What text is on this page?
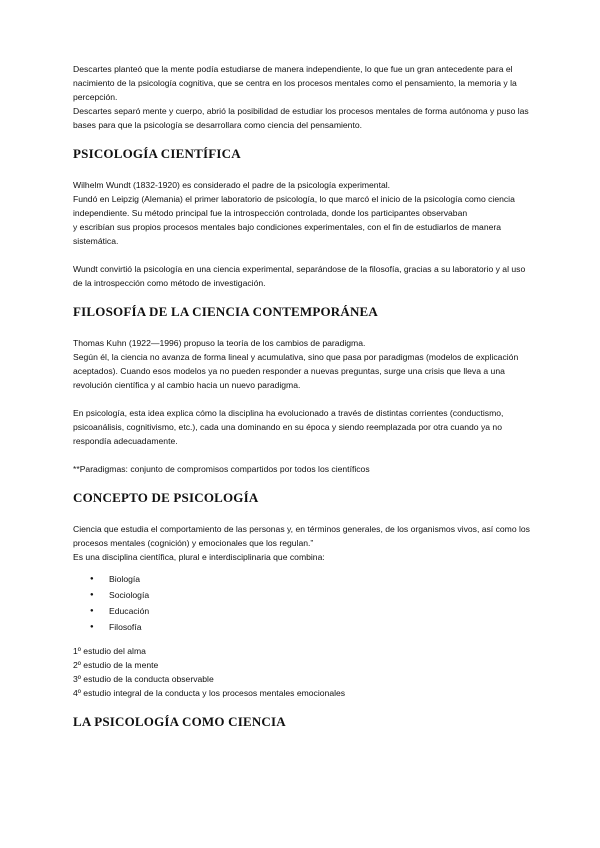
Descartes planteó que la mente podía estudiarse de manera independiente, lo que fue un gran antecedente para el nacimiento de la psicología cognitiva, que se centra en los procesos mentales como el pensamiento, la memoria y la percepción.

Descartes separó mente y cuerpo, abrió la posibilidad de estudiar los procesos mentales de forma autónoma y puso las bases para que la psicología se desarrollara como ciencia del pensamiento.

PSICOLOGÍA CIENTÍFICA

Wilhelm Wundt (1832-1920) es considerado el padre de la psicología experimental.

Fundó en Leipzig (Alemania) el primer laboratorio de psicología, lo que marcó el inicio de la psicología como ciencia independiente. Su método principal fue la introspección controlada, donde los participantes observaban

y escribían sus propios procesos mentales bajo condiciones experimentales, con el fin de estudiarlos de manera sistemática.

Wundt convirtió la psicología en una ciencia experimental, separándose de la filosofía, gracias a su laboratorio y al uso de la introspección como método de investigación.

FILOSOFÍA DE LA CIENCIA CONTEMPORÁNEA

Thomas Kuhn (1922—1996) propuso la teoría de los cambios de paradigma.

Según él, la ciencia no avanza de forma lineal y acumulativa, sino que pasa por paradigmas (modelos de explicación aceptados). Cuando esos modelos ya no pueden responder a nuevas preguntas, surge una crisis que lleva a una revolución científica y al cambio hacia un nuevo paradigma.

En psicología, esta idea explica cómo la disciplina ha evolucionado a través de distintas corrientes (conductismo, psicoanálisis, cognitivismo, etc.), cada una dominando en su época y siendo reemplazada por otra cuando ya no respondía adecuadamente.

**Paradigmas: conjunto de compromisos compartidos por todos los científicos

CONCEPTO DE PSICOLOGÍA

Ciencia que estudia el comportamiento de las personas y, en términos generales, de los organismos vivos, así como los procesos mentales (cognición) y emocionales que los regulan.”

Es una disciplina científica, plural e interdisciplinaria que combina:

● Biología
● Sociología
● Educación
● Filosofía

1º estudio del alma

2º estudio de la mente

3º estudio de la conducta observable

4º estudio integral de la conducta y los procesos mentales emocionales

LA PSICOLOGÍA COMO CIENCIA
